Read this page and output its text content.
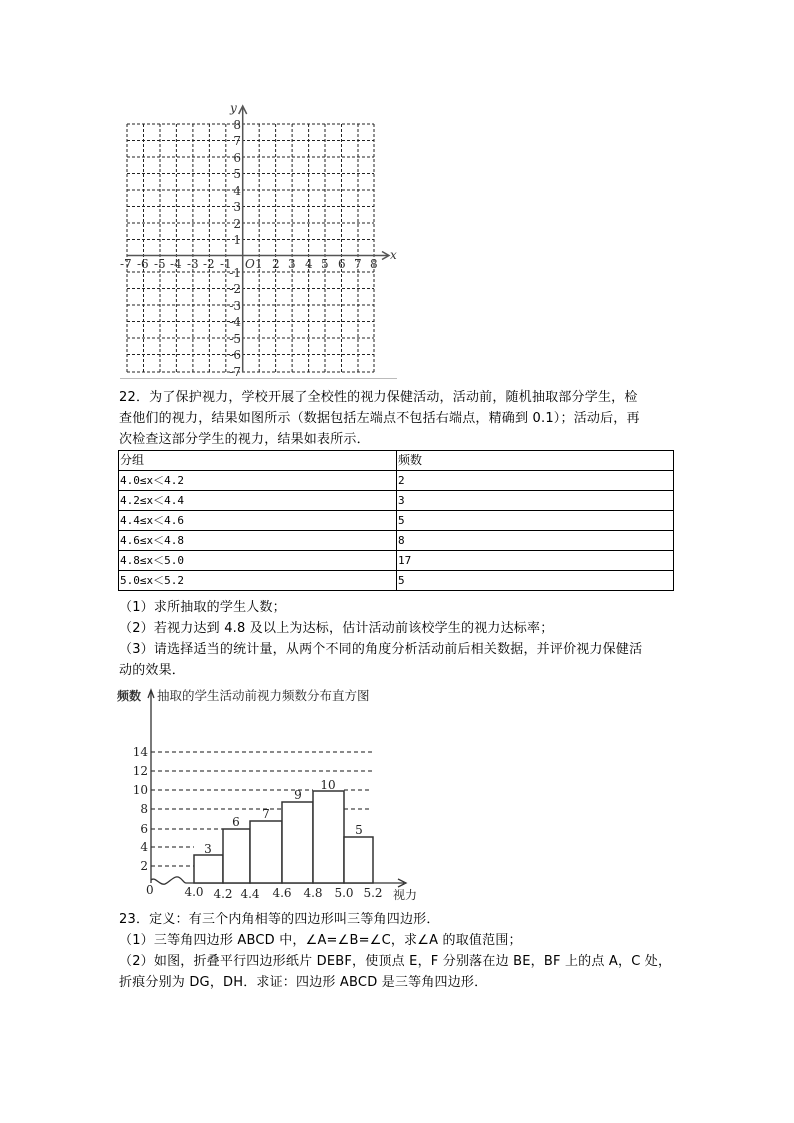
x
y
O
-7 -6 -5 -4 -3 -2 -1 1 2 3 4 5 6 7 8
8
7
6
5
4
3
2
1
-1
-2
-3
-4
-5
-6
-7
22．为了保护视力，学校开展了全校性的视力保健活动，活动前，随机抽取部分学生，检
查他们的视力，结果如图所示（数据包括左端点不包括右端点，精确到 0.1）；活动后，再
次检查这部分学生的视力，结果如表所示．
分组	频数
4.0≤x＜4.2	2
4.2≤x＜4.4	3
4.4≤x＜4.6	5
4.6≤x＜4.8	8
4.8≤x＜5.0	17
5.0≤x＜5.2	5
（1）求所抽取的学生人数；
（2）若视力达到 4.8 及以上为达标，估计活动前该校学生的视力达标率；
（3）请选择适当的统计量，从两个不同的角度分析活动前后相关数据，并评价视力保健活
动的效果．
频数 抽取的学生活动前视力频数分布直方图
3
6
7
9
10
5
2
4
6
8
10
12
14
0	4.0 4.2 4.4 4.6 4.8 5.0 5.2 视力
23．定义：有三个内角相等的四边形叫三等角四边形．
（1）三等角四边形 ABCD 中，∠A=∠B=∠C，求∠A 的取值范围；
（2）如图，折叠平行四边形纸片 DEBF，使顶点 E，F 分别落在边 BE，BF 上的点 A，C 处，
折痕分别为 DG，DH．求证：四边形 ABCD 是三等角四边形．
